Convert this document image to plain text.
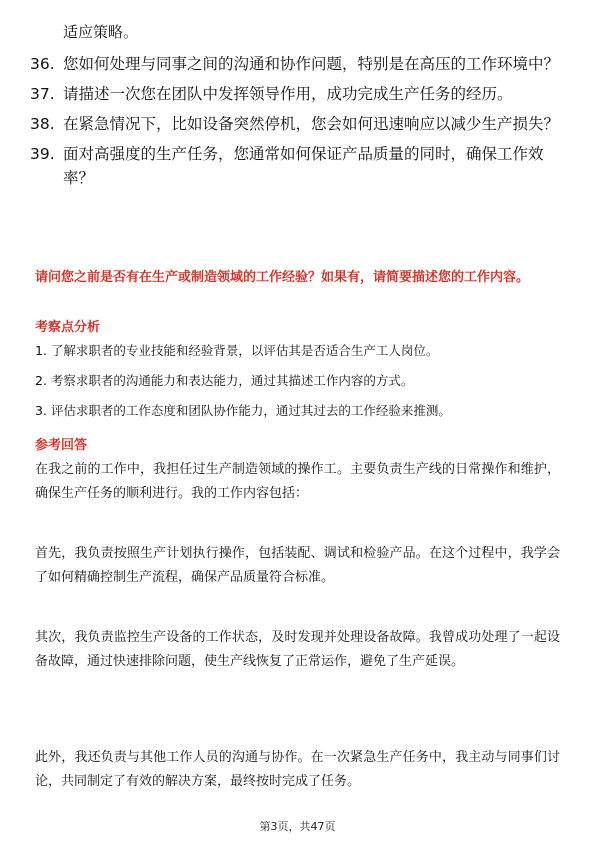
适应策略。
36. 您如何处理与同事之间的沟通和协作问题，特别是在高压的工作环境中？
37. 请描述一次您在团队中发挥领导作用，成功完成生产任务的经历。
38. 在紧急情况下，比如设备突然停机，您会如何迅速响应以减少生产损失？
39. 面对高强度的生产任务，您通常如何保证产品质量的同时，确保工作效率？
请问您之前是否有在生产或制造领域的工作经验？如果有，请简要描述您的工作内容。
考察点分析
1. 了解求职者的专业技能和经验背景，以评估其是否适合生产工人岗位。
2. 考察求职者的沟通能力和表达能力，通过其描述工作内容的方式。
3. 评估求职者的工作态度和团队协作能力，通过其过去的工作经验来推测。
参考回答
在我之前的工作中，我担任过生产制造领域的操作工。主要负责生产线的日常操作和维护，确保生产任务的顺利进行。我的工作内容包括：
首先，我负责按照生产计划执行操作，包括装配、调试和检验产品。在这个过程中，我学会了如何精确控制生产流程，确保产品质量符合标准。
其次，我负责监控生产设备的工作状态，及时发现并处理设备故障。我曾成功处理了一起设备故障，通过快速排除问题，使生产线恢复了正常运作，避免了生产延误。
此外，我还负责与其他工作人员的沟通与协作。在一次紧急生产任务中，我主动与同事们讨论，共同制定了有效的解决方案，最终按时完成了任务。
第3页，共47页
